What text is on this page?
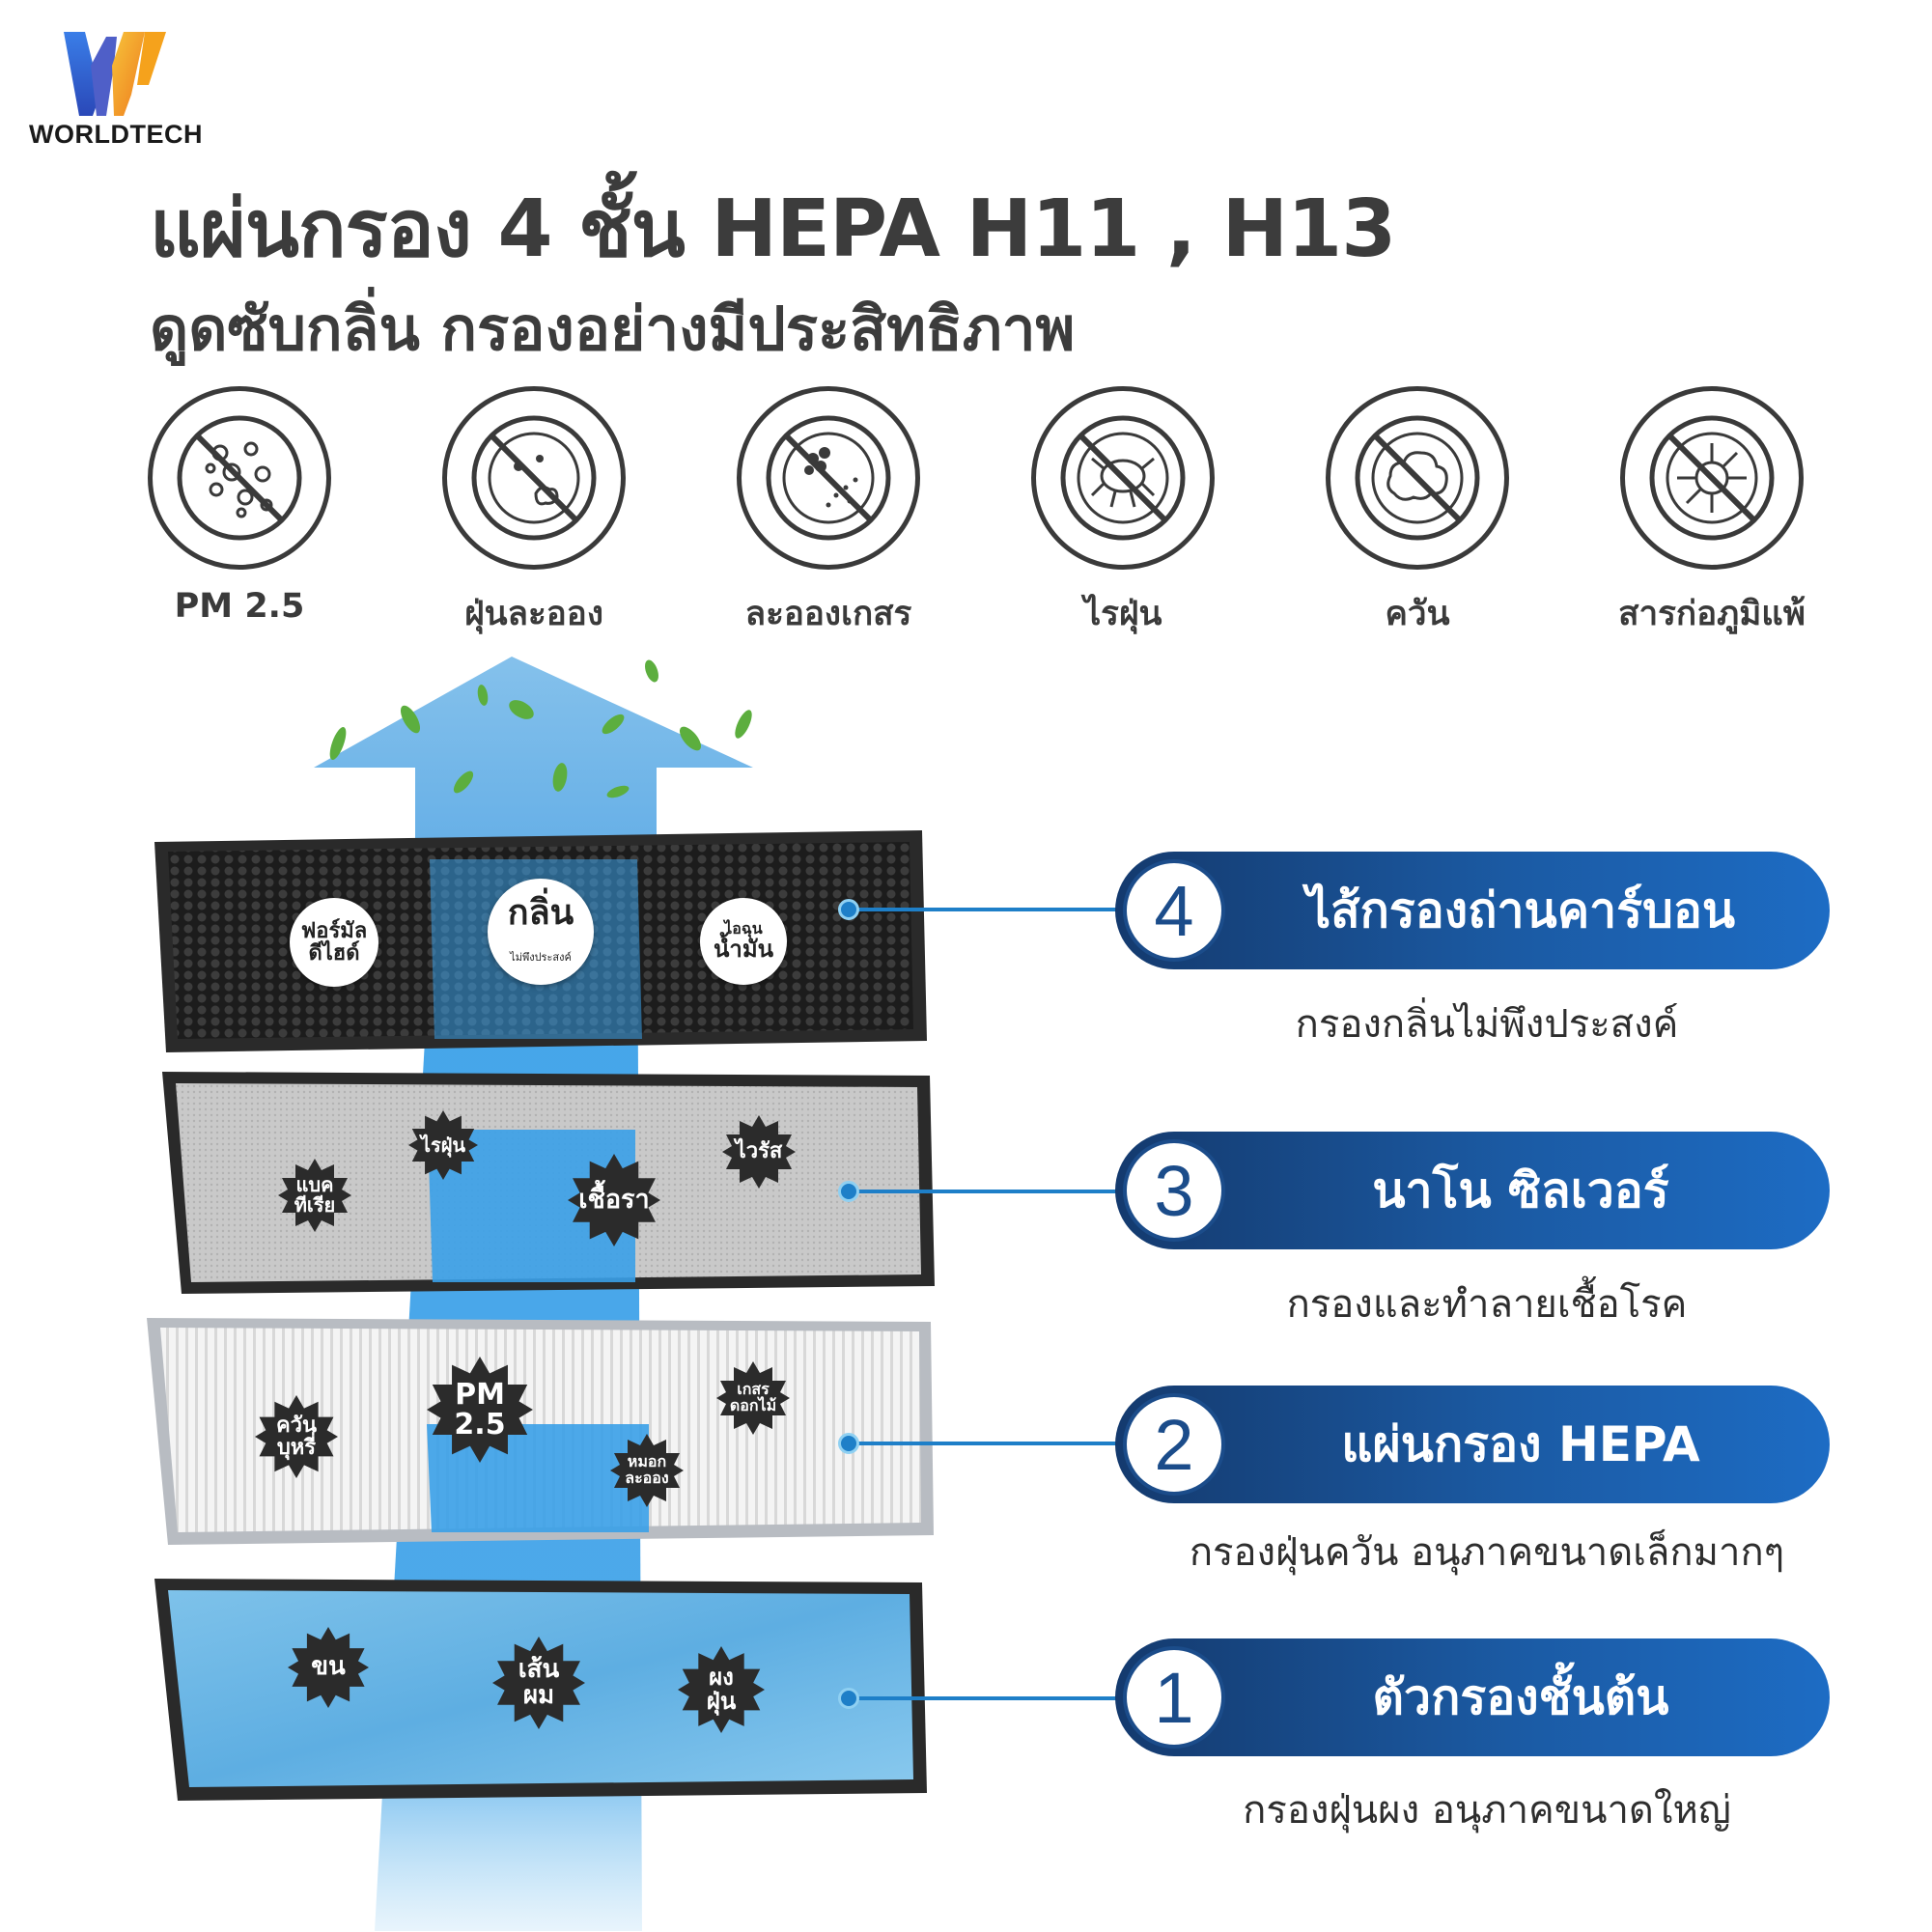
WORLDTECH
แผ่นกรอง 4 ชั้น HEPA H11 , H13
ดูดซับกลิ่น กรองอย่างมีประสิทธิภาพ
PM 2.5	ฝุ่นละออง	ละอองเกสร	ไรฝุ่น	ควัน	สารก่อภูมิแพ้
ฟอร์มัล
ดีไฮด์
กลิ่น
ไม่พึงประสงค์
ไอฉุน
น้ำมัน
แบค
ทีเรีย
ไรฝุ่น
เชื้อรา
ไวรัส
ควัน
บุหรี่
PM
2.5
หมอก
ละออง
เกสร
ดอกไม้
ขน	เส้น
ผม
ผง
ฝุ่น
4	ไส้กรองถ่านคาร์บอน
กรองกลิ่นไม่พึงประสงค์
3	นาโน ซิลเวอร์
กรองและทำลายเชื้อโรค
2	แผ่นกรอง HEPA
กรองฝุ่นควัน อนุภาคขนาดเล็กมากๆ
1	ตัวกรองชั้นต้น
กรองฝุ่นผง อนุภาคขนาดใหญ่
